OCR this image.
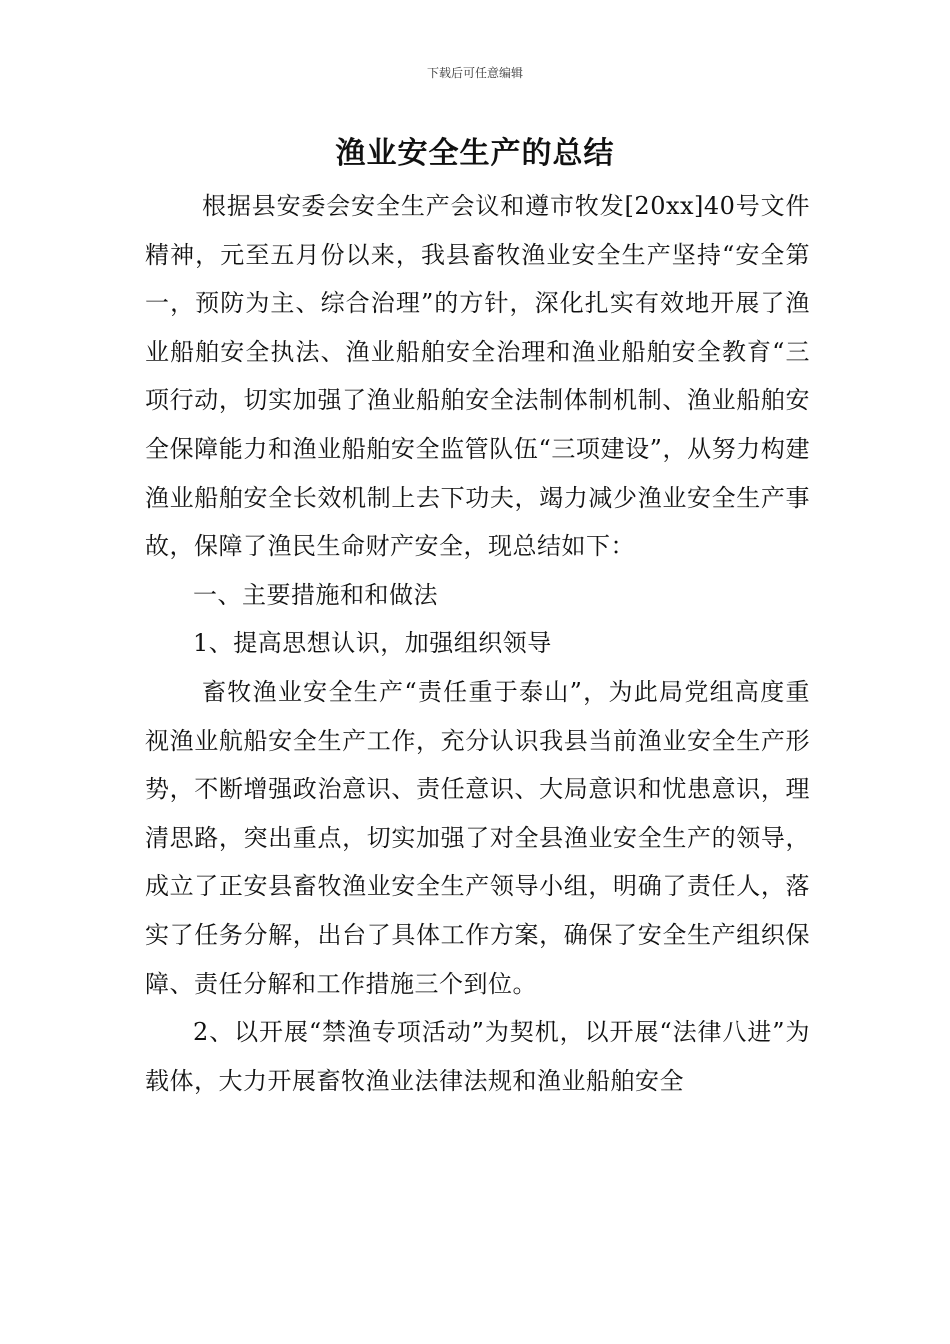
下载后可任意编辑
渔业安全生产的总结

根据县安委会安全生产会议和遵市牧发[20xx]40号文件精神，元至五月份以来，我县畜牧渔业安全生产坚持“安全第一，预防为主、综合治理”的方针，深化扎实有效地开展了渔业船舶安全执法、渔业船舶安全治理和渔业船舶安全教育“三项行动，切实加强了渔业船舶安全法制体制机制、渔业船舶安全保障能力和渔业船舶安全监管队伍“三项建设”，从努力构建渔业船舶安全长效机制上去下功夫，竭力减少渔业安全生产事故，保障了渔民生命财产安全，现总结如下：

一、主要措施和和做法

1、提高思想认识，加强组织领导

畜牧渔业安全生产“责任重于泰山”，为此局党组高度重视渔业航船安全生产工作，充分认识我县当前渔业安全生产形势，不断增强政治意识、责任意识、大局意识和忧患意识，理清思路，突出重点，切实加强了对全县渔业安全生产的领导，成立了正安县畜牧渔业安全生产领导小组，明确了责任人，落实了任务分解，出台了具体工作方案，确保了安全生产组织保障、责任分解和工作措施三个到位。

2、以开展“禁渔专项活动”为契机，以开展“法律八进”为载体，大力开展畜牧渔业法律法规和渔业船舶安全
